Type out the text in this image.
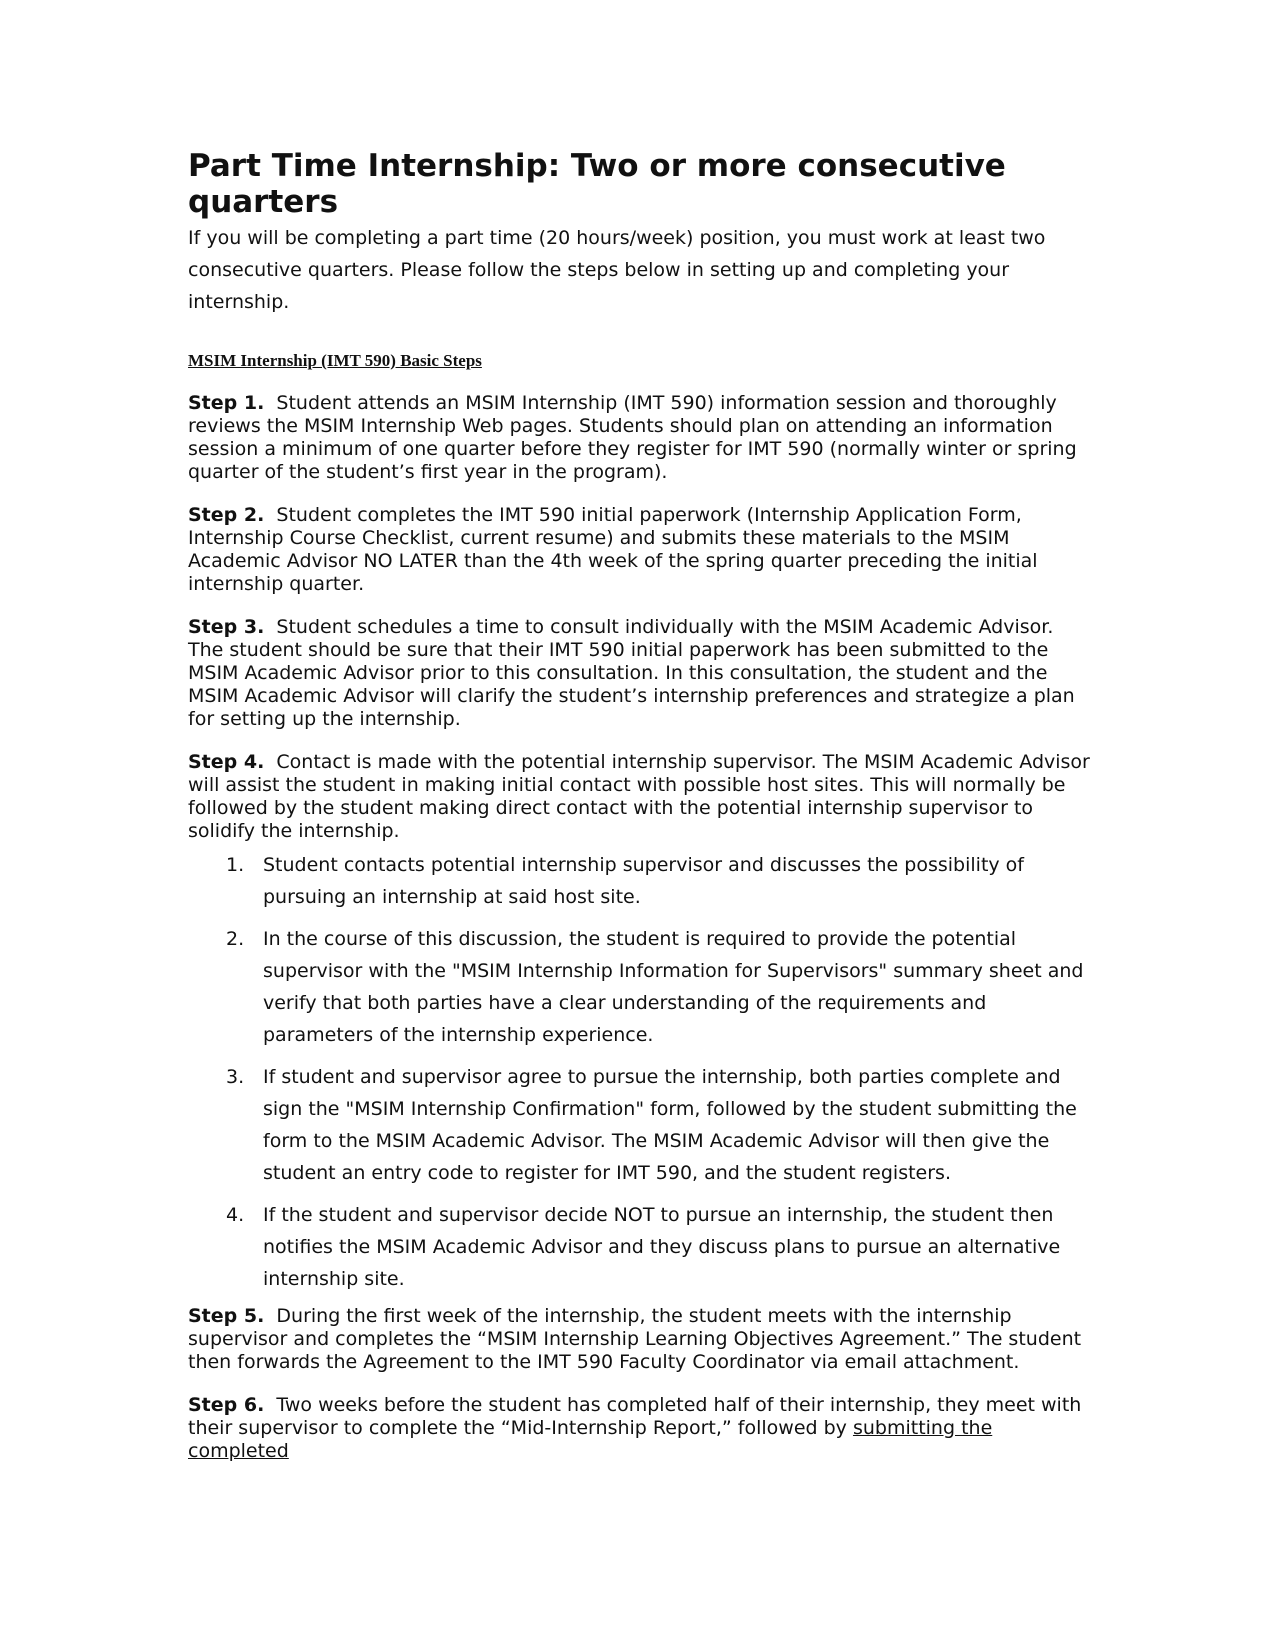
Part Time Internship: Two or more consecutive quarters

If you will be completing a part time (20 hours/week) position, you must work at least two consecutive quarters. Please follow the steps below in setting up and completing your internship.

MSIM Internship (IMT 590) Basic Steps

Step 1. Student attends an MSIM Internship (IMT 590) information session and thoroughly reviews the MSIM Internship Web pages. Students should plan on attending an information session a minimum of one quarter before they register for IMT 590 (normally winter or spring quarter of the student’s first year in the program).

Step 2. Student completes the IMT 590 initial paperwork (Internship Application Form, Internship Course Checklist, current resume) and submits these materials to the MSIM Academic Advisor NO LATER than the 4th week of the spring quarter preceding the initial internship quarter.

Step 3. Student schedules a time to consult individually with the MSIM Academic Advisor. The student should be sure that their IMT 590 initial paperwork has been submitted to the MSIM Academic Advisor prior to this consultation. In this consultation, the student and the MSIM Academic Advisor will clarify the student’s internship preferences and strategize a plan for setting up the internship.

Step 4. Contact is made with the potential internship supervisor. The MSIM Academic Advisor will assist the student in making initial contact with possible host sites. This will normally be followed by the student making direct contact with the potential internship supervisor to solidify the internship.

1. Student contacts potential internship supervisor and discusses the possibility of pursuing an internship at said host site.
2. In the course of this discussion, the student is required to provide the potential supervisor with the "MSIM Internship Information for Supervisors" summary sheet and verify that both parties have a clear understanding of the requirements and parameters of the internship experience.
3. If student and supervisor agree to pursue the internship, both parties complete and sign the "MSIM Internship Confirmation" form, followed by the student submitting the form to the MSIM Academic Advisor. The MSIM Academic Advisor will then give the student an entry code to register for IMT 590, and the student registers.
4. If the student and supervisor decide NOT to pursue an internship, the student then notifies the MSIM Academic Advisor and they discuss plans to pursue an alternative internship site.

Step 5. During the first week of the internship, the student meets with the internship supervisor and completes the “MSIM Internship Learning Objectives Agreement.” The student then forwards the Agreement to the IMT 590 Faculty Coordinator via email attachment.

Step 6. Two weeks before the student has completed half of their internship, they meet with their supervisor to complete the “Mid-Internship Report,” followed by submitting the completed
